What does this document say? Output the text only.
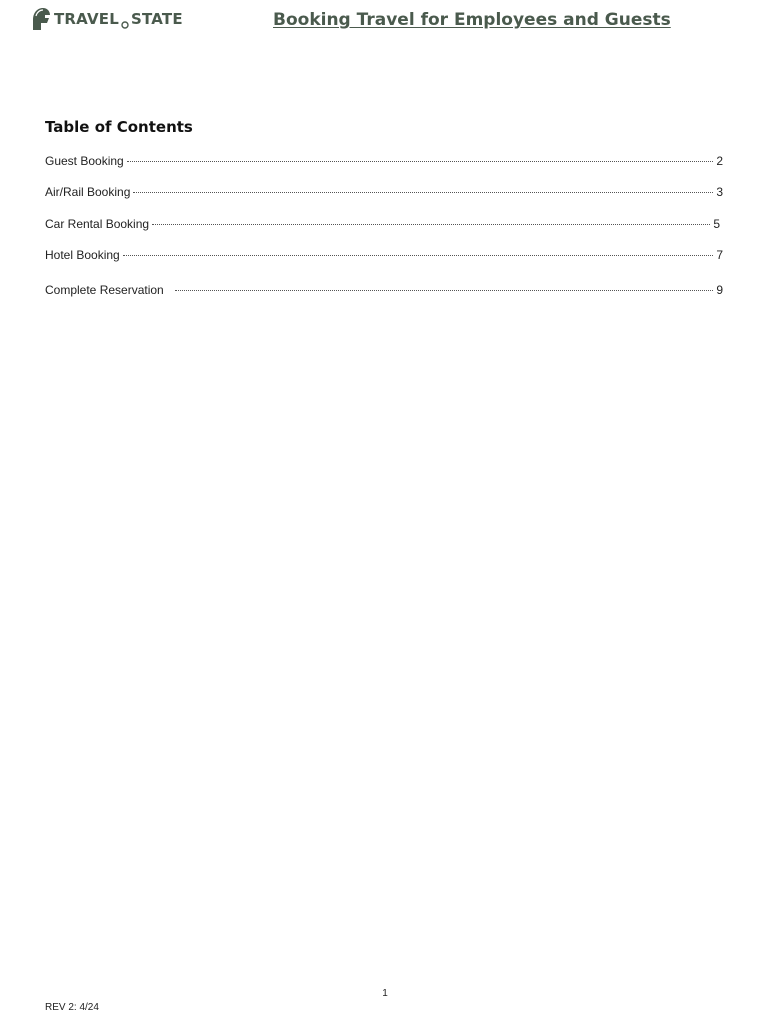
TRAVEL STATE	Booking Travel for Employees and Guests
Table of Contents
Guest Booking	2
Air/Rail Booking	3
Car Rental Booking	5
Hotel Booking	7
Complete Reservation	9
1
REV 2: 4/24
